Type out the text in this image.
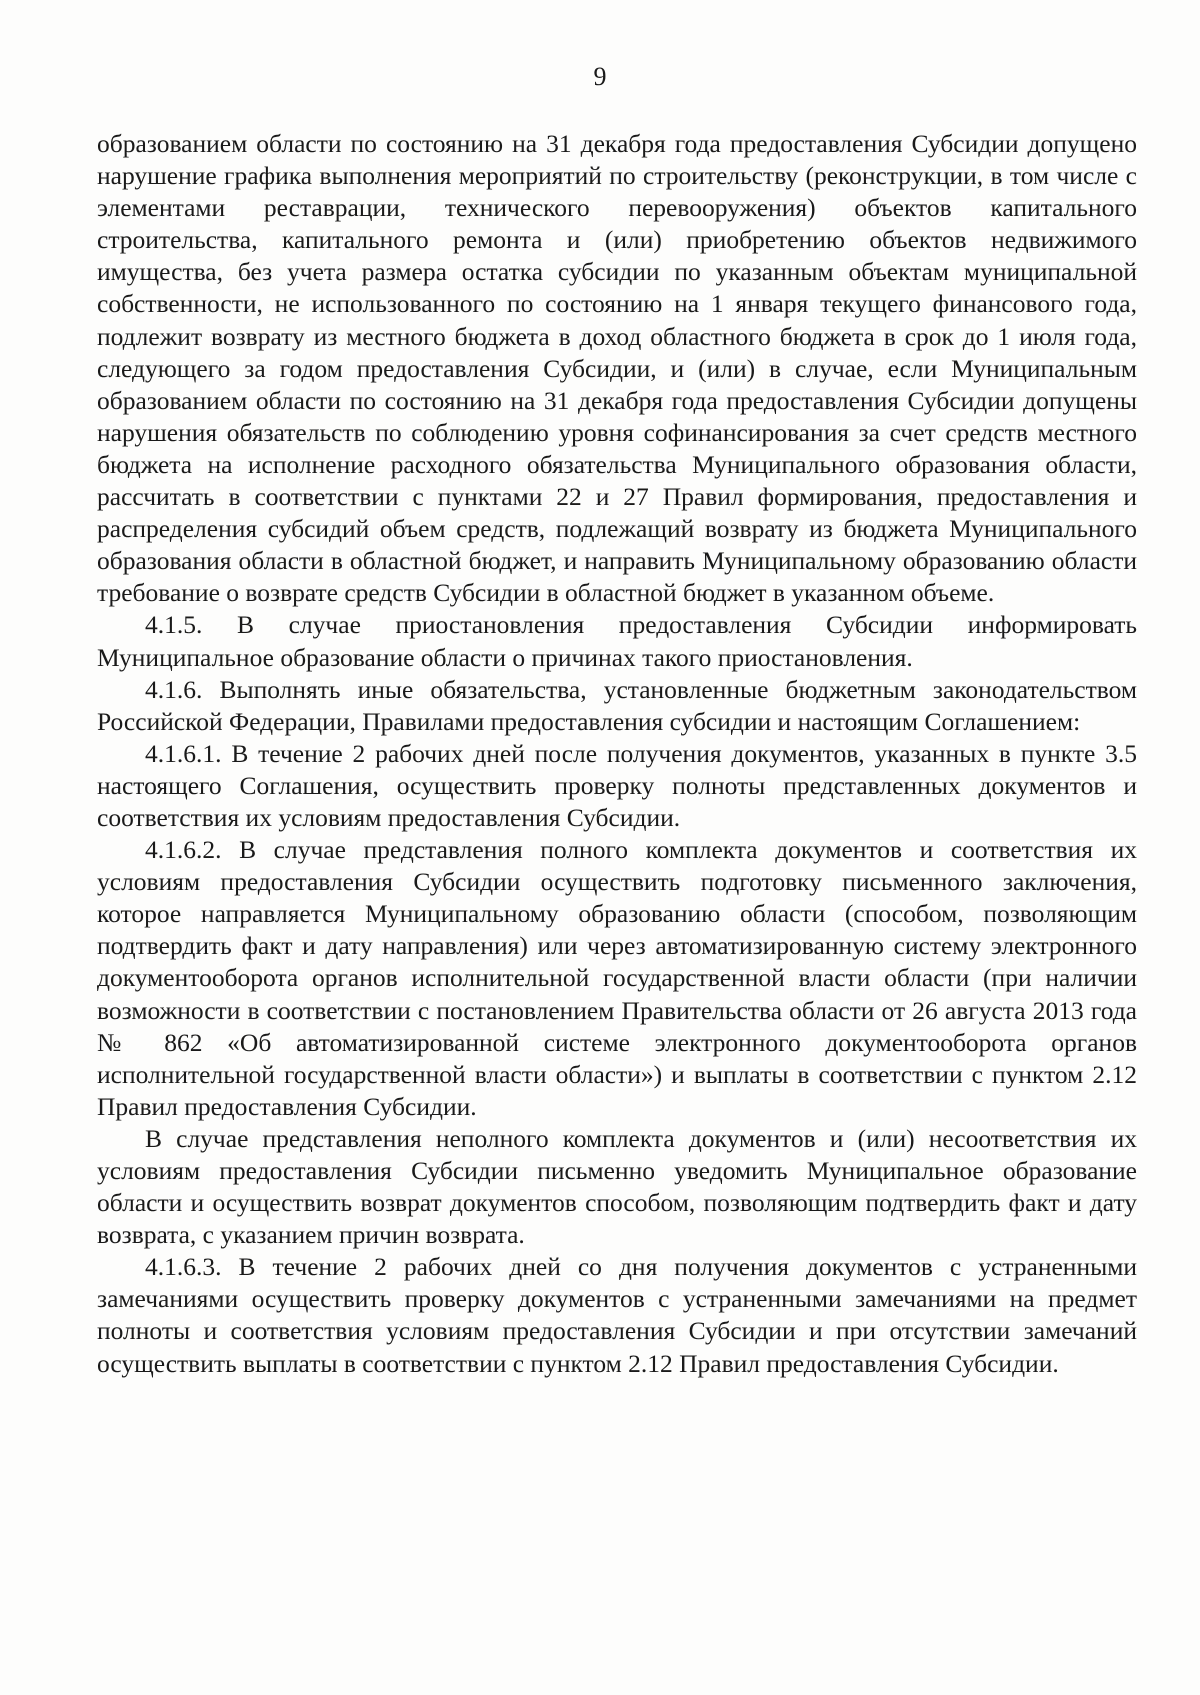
9

образованием области по состоянию на 31 декабря года предоставления Субсидии допущено нарушение графика выполнения мероприятий по строительству (реконструкции, в том числе с элементами реставрации, технического перевооружения) объектов капитального строительства, капитального ремонта и (или) приобретению объектов недвижимого имущества, без учета размера остатка субсидии по указанным объектам муниципальной собственности, не использованного по состоянию на 1 января текущего финансового года, подлежит возврату из местного бюджета в доход областного бюджета в срок до 1 июля года, следующего за годом предоставления Субсидии, и (или) в случае, если Муниципальным образованием области по состоянию на 31 декабря года предоставления Субсидии допущены нарушения обязательств по соблюдению уровня софинансирования за счет средств местного бюджета на исполнение расходного обязательства Муниципального образования области, рассчитать в соответствии с пунктами 22 и 27 Правил формирования, предоставления и распределения субсидий объем средств, подлежащий возврату из бюджета Муниципального образования области в областной бюджет, и направить Муниципальному образованию области требование о возврате средств Субсидии в областной бюджет в указанном объеме.

4.1.5. В случае приостановления предоставления Субсидии информировать Муниципальное образование области о причинах такого приостановления.

4.1.6. Выполнять иные обязательства, установленные бюджетным законодательством Российской Федерации, Правилами предоставления субсидии и настоящим Соглашением:

4.1.6.1. В течение 2 рабочих дней после получения документов, указанных в пункте 3.5 настоящего Соглашения, осуществить проверку полноты представленных документов и соответствия их условиям предоставления Субсидии.

4.1.6.2. В случае представления полного комплекта документов и соответствия их условиям предоставления Субсидии осуществить подготовку письменного заключения, которое направляется Муниципальному образованию области (способом, позволяющим подтвердить факт и дату направления) или через автоматизированную систему электронного документооборота органов исполнительной государственной власти области (при наличии возможности в соответствии с постановлением Правительства области от 26 августа 2013 года № 862 «Об автоматизированной системе электронного документооборота органов исполнительной государственной власти области») и выплаты в соответствии с пунктом 2.12 Правил предоставления Субсидии.

В случае представления неполного комплекта документов и (или) несоответствия их условиям предоставления Субсидии письменно уведомить Муниципальное образование области и осуществить возврат документов способом, позволяющим подтвердить факт и дату возврата, с указанием причин возврата.

4.1.6.3. В течение 2 рабочих дней со дня получения документов с устраненными замечаниями осуществить проверку документов с устраненными замечаниями на предмет полноты и соответствия условиям предоставления Субсидии и при отсутствии замечаний осуществить выплаты в соответствии с пунктом 2.12 Правил предоставления Субсидии.
